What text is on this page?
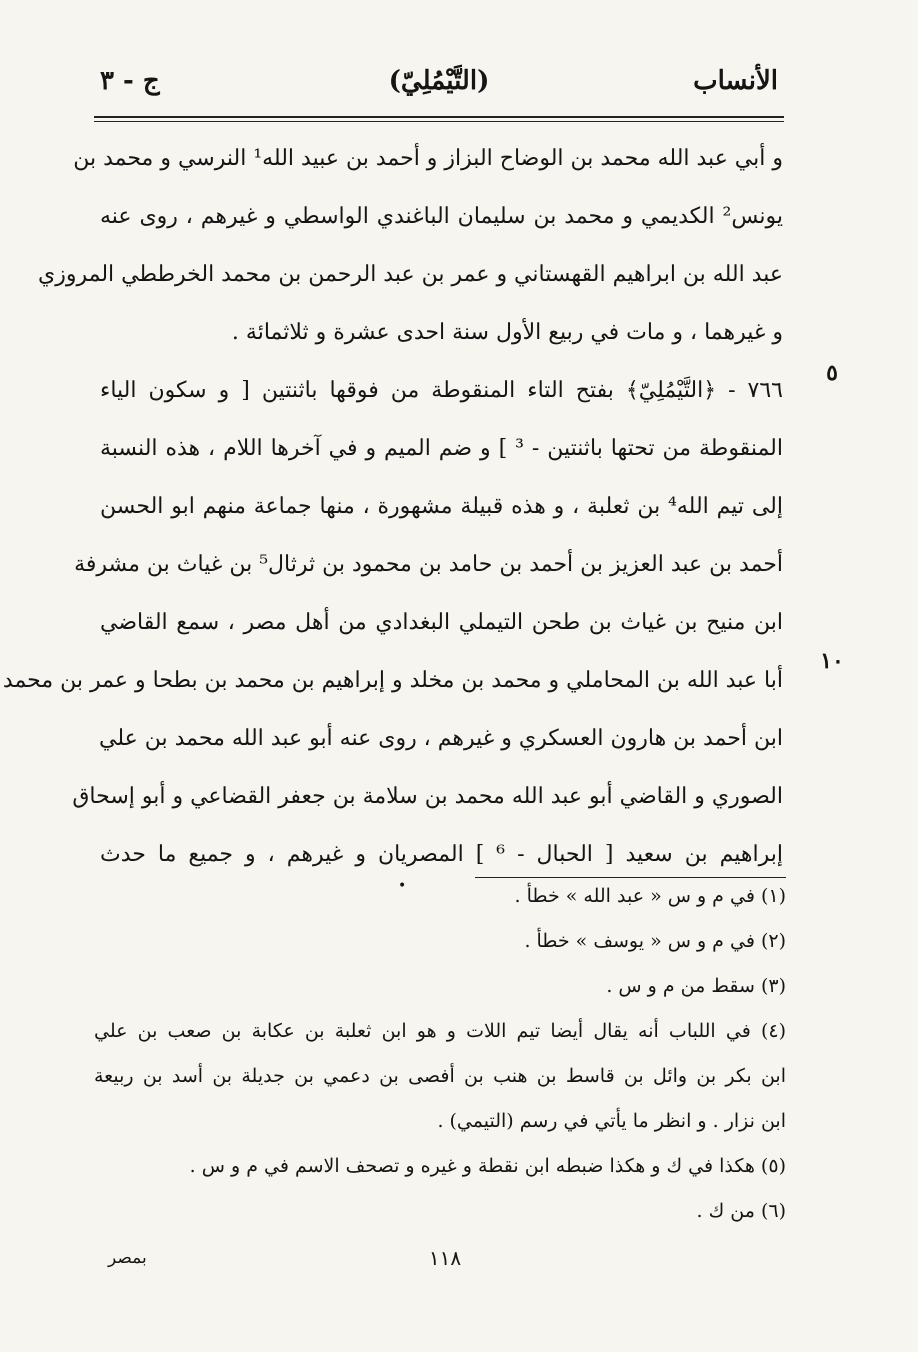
الأنساب
(التَّيْمُلِيّ)
ج - ٣
و أبي عبد الله محمد بن الوضاح البزاز و أحمد بن عبيد الله¹ النرسي و محمد بن
يونس² الكديمي و محمد بن سليمان الباغندي الواسطي و غيرهم ، روى عنه
عبد الله بن ابراهيم القهستاني و عمر بن عبد الرحمن بن محمد الخرططي المروزي
و غيرهما ، و مات في ربيع الأول سنة احدى عشرة و ثلاثمائة .
٧٦٦ - ﴿التَّيْمُلِيّ﴾ بفتح التاء المنقوطة من فوقها باثنتين [ و سكون الياء
المنقوطة من تحتها باثنتين - ³ ] و ضم الميم و في آخرها اللام ، هذه النسبة
إلى تيم الله⁴ بن ثعلبة ، و هذه قبيلة مشهورة ، منها جماعة منهم ابو الحسن
أحمد بن عبد العزيز بن أحمد بن حامد بن محمود بن ثرثال⁵ بن غياث بن مشرفة
ابن منيح بن غياث بن طحن التيملي البغدادي من أهل مصر ، سمع القاضي
أبا عبد الله بن المحاملي و محمد بن مخلد و إبراهيم بن محمد بن بطحا و عمر بن محمد
ابن أحمد بن هارون العسكري و غيرهم ، روى عنه أبو عبد الله محمد بن علي
الصوري و القاضي أبو عبد الله محمد بن سلامة بن جعفر القضاعي و أبو إسحاق
إبراهيم بن سعيد [ الحبال - ⁶ ] المصريان و غيرهم ، و جميع ما حدث
٥
١٠
•	(١) في م و س « عبد الله » خطأ .
(٢) في م و س « يوسف » خطأ .
(٣) سقط من م و س .
(٤) في اللباب أنه يقال أيضا تيم اللات و هو ابن ثعلبة بن عكابة بن صعب بن علي
ابن بكر بن وائل بن قاسط بن هنب بن أفصى بن دعمي بن جديلة بن أسد بن ربيعة
ابن نزار . و انظر ما يأتي في رسم (التيمي) .
(٥) هكذا في ك و هكذا ضبطه ابن نقطة و غيره و تصحف الاسم في م و س .
(٦) من ك .
١١٨
بمصر
